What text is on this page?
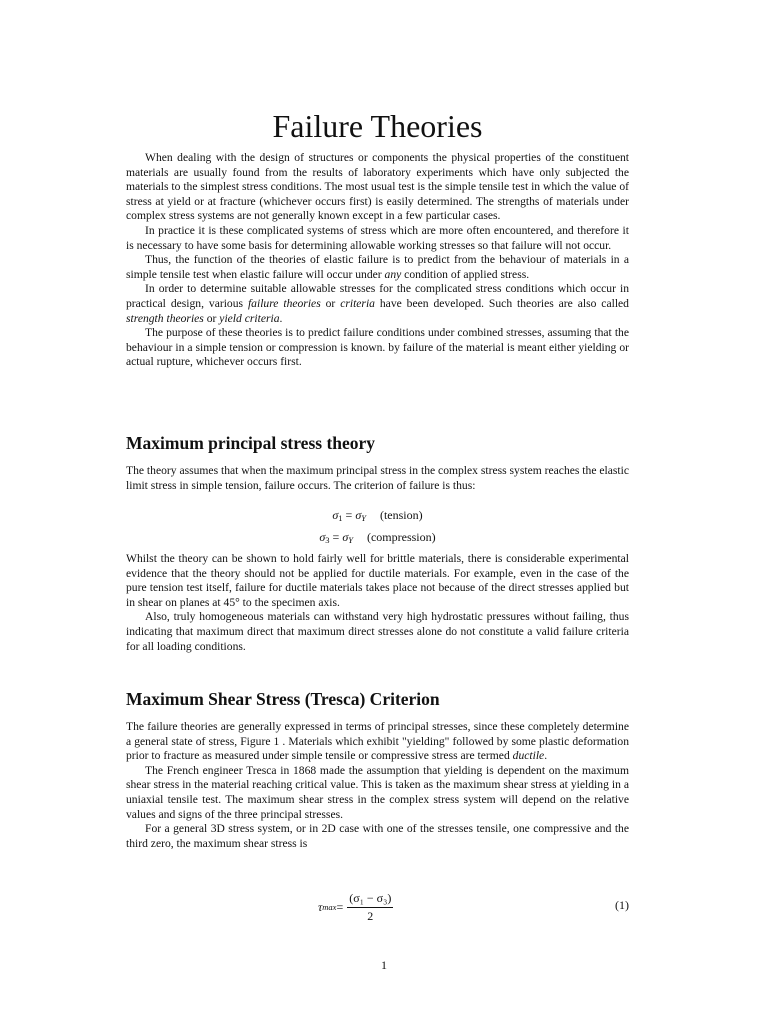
Failure Theories

When dealing with the design of structures or components the physical properties of the constituent materials are usually found from the results of laboratory experiments which have only subjected the materials to the simplest stress conditions. The most usual test is the simple tensile test in which the value of stress at yield or at fracture (whichever occurs first) is easily determined. The strengths of materials under complex stress systems are not generally known except in a few particular cases.

In practice it is these complicated systems of stress which are more often encountered, and therefore it is necessary to have some basis for determining allowable working stresses so that failure will not occur.

Thus, the function of the theories of elastic failure is to predict from the behaviour of materials in a simple tensile test when elastic failure will occur under any condition of applied stress.

In order to determine suitable allowable stresses for the complicated stress conditions which occur in practical design, various failure theories or criteria have been developed. Such theories are also called strength theories or yield criteria.

The purpose of these theories is to predict failure conditions under combined stresses, assuming that the behaviour in a simple tension or compression is known. by failure of the material is meant either yielding or actual rupture, whichever occurs first.

Maximum principal stress theory

The theory assumes that when the maximum principal stress in the complex stress system reaches the elastic limit stress in simple tension, failure occurs. The criterion of failure is thus:

$\sigma_1 = \sigma_Y$ (tension)
$\sigma_3 = \sigma_Y$ (compression)

Whilst the theory can be shown to hold fairly well for brittle materials, there is considerable experimental evidence that the theory should not be applied for ductile materials. For example, even in the case of the pure tension test itself, failure for ductile materials takes place not because of the direct stresses applied but in shear on planes at 45° to the specimen axis.

Also, truly homogeneous materials can withstand very high hydrostatic pressures without failing, thus indicating that maximum direct that maximum direct stresses alone do not constitute a valid failure criteria for all loading conditions.

Maximum Shear Stress (Tresca) Criterion

The failure theories are generally expressed in terms of principal stresses, since these completely determine a general state of stress, Figure 1 . Materials which exhibit "yielding" followed by some plastic deformation prior to fracture as measured under simple tensile or compressive stress are termed ductile.

The French engineer Tresca in 1868 made the assumption that yielding is dependent on the maximum shear stress in the material reaching critical value. This is taken as the maximum shear stress at yielding in a uniaxial tensile test. The maximum shear stress in the complex stress system will depend on the relative values and signs of the three principal stresses.

For a general 3D stress system, or in 2D case with one of the stresses tensile, one compressive and the third zero, the maximum shear stress is

τ $\max = \frac{\text{(σ₁ − σ₃)}}{2}$	(1)
1
